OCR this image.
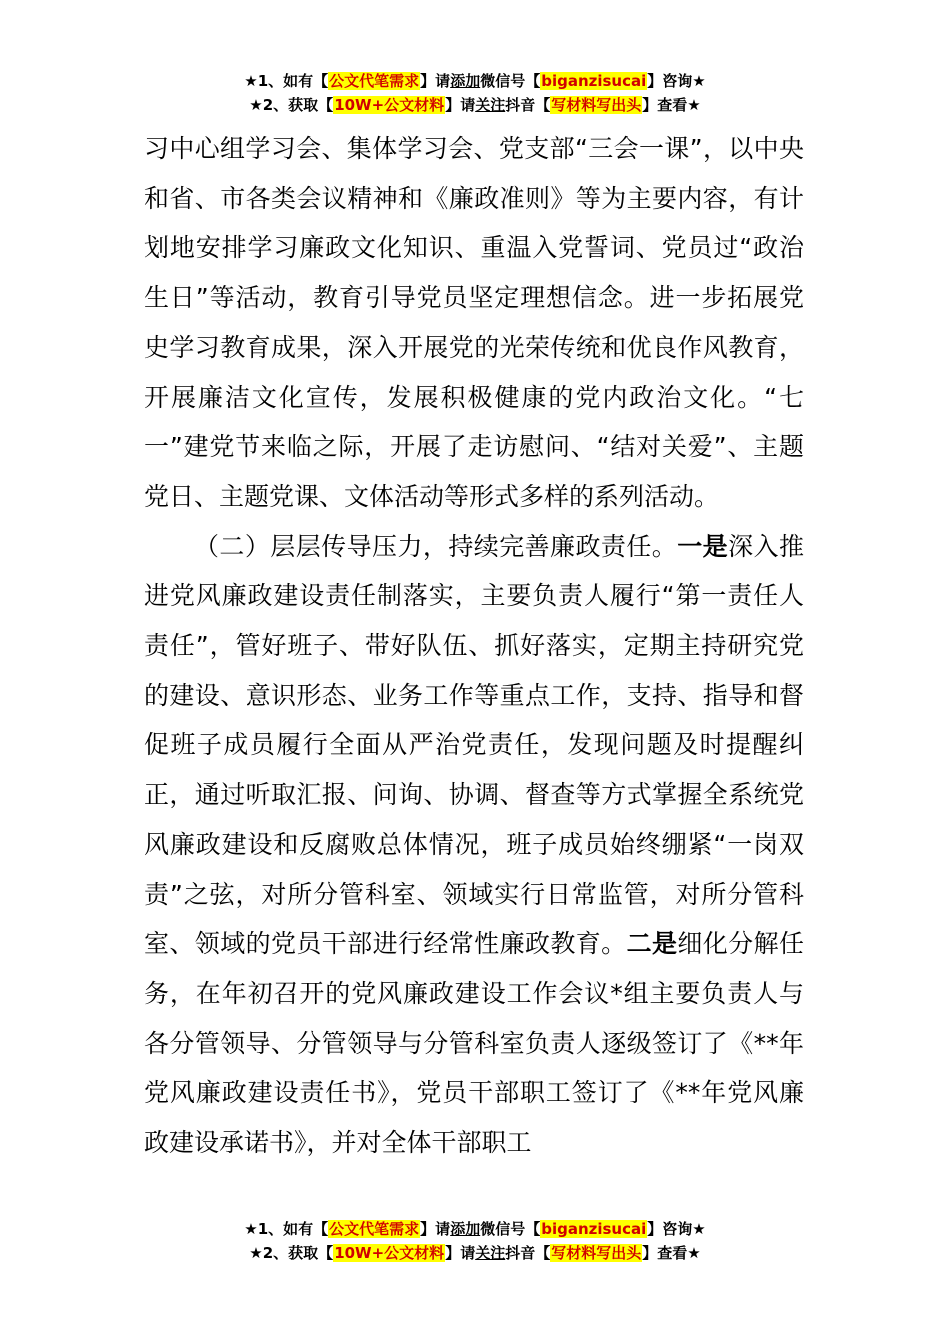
★1、如有【公文代笔需求】请添加微信号【biganzisucai】咨询★
★2、获取【10W+公文材料】请关注抖音【写材料写出头】查看★

习中心组学习会、集体学习会、党支部“三会一课”，以中央和省、市各类会议精神和《廉政准则》等为主要内容，有计划地安排学习廉政文化知识、重温入党誓词、党员过“政治生日”等活动，教育引导党员坚定理想信念。进一步拓展党史学习教育成果，深入开展党的光荣传统和优良作风教育，开展廉洁文化宣传，发展积极健康的党内政治文化。“七一”建党节来临之际，开展了走访慰问、“结对关爱”、主题党日、主题党课、文体活动等形式多样的系列活动。

（二）层层传导压力，持续完善廉政责任。一是深入推进党风廉政建设责任制落实，主要负责人履行“第一责任人责任”，管好班子、带好队伍、抓好落实，定期主持研究党的建设、意识形态、业务工作等重点工作，支持、指导和督促班子成员履行全面从严治党责任，发现问题及时提醒纠正，通过听取汇报、问询、协调、督查等方式掌握全系统党风廉政建设和反腐败总体情况，班子成员始终绷紧“一岗双责”之弦，对所分管科室、领域实行日常监管，对所分管科室、领域的党员干部进行经常性廉政教育。二是细化分解任务，在年初召开的党风廉政建设工作会议*组主要负责人与各分管领导、分管领导与分管科室负责人逐级签订了《**年党风廉政建设责任书》，党员干部职工签订了《**年党风廉政建设承诺书》，并对全体干部职工

★1、如有【公文代笔需求】请添加微信号【biganzisucai】咨询★
★2、获取【10W+公文材料】请关注抖音【写材料写出头】查看★
